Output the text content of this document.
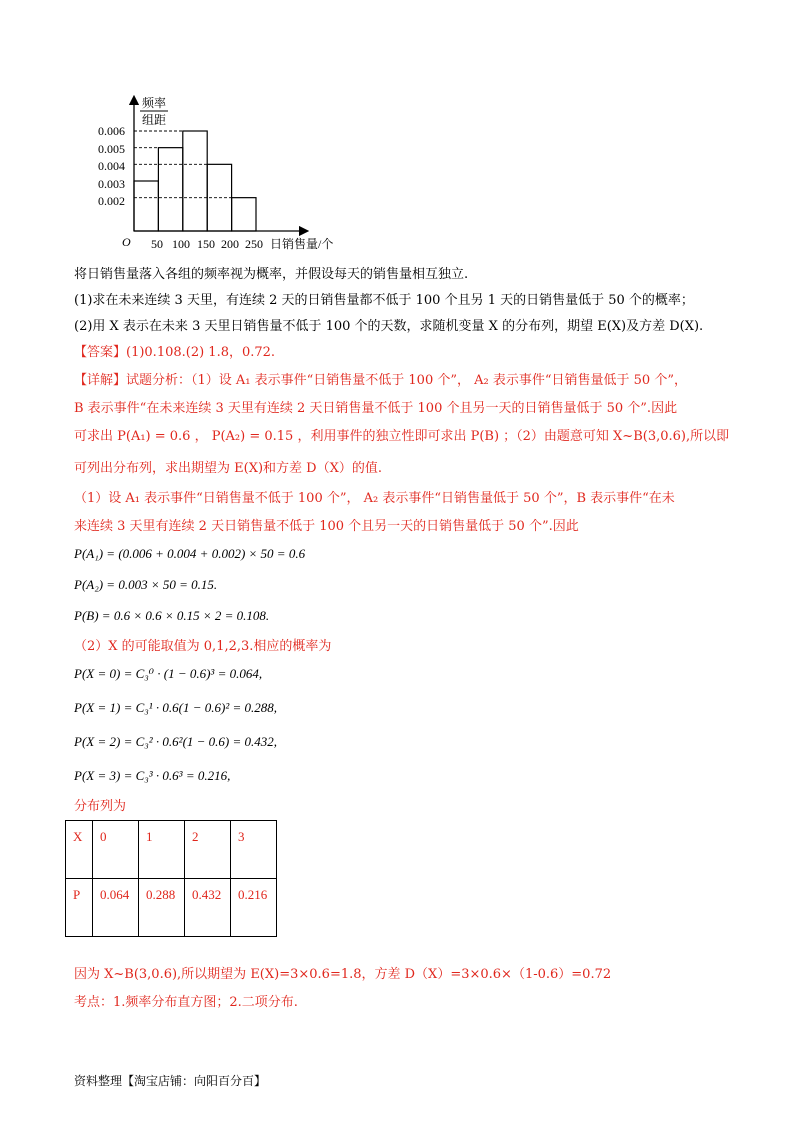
频率
组距
0.006
0.005
0.004
0.003
0.002
O 50 100 150 200 250 日销售量/个
将日销售量落入各组的频率视为概率，并假设每天的销售量相互独立.
(1)求在未来连续 3 天里，有连续 2 天的日销售量都不低于 100 个且另 1 天的日销售量低于 50 个的概率；
(2)用 X 表示在未来 3 天里日销售量不低于 100 个的天数，求随机变量 X 的分布列，期望 E(X)及方差 D(X).
【答案】(1)0.108.(2) 1.8，0.72.
【详解】试题分析：（1）设 A₁ 表示事件“日销售量不低于 100 个”， A₂ 表示事件“日销售量低于 50 个”，
B 表示事件“在未来连续 3 天里有连续 2 天日销售量不低于 100 个且另一天的日销售量低于 50 个”.因此
可求出 P(A₁) = 0.6 ， P(A₂) = 0.15 ，利用事件的独立性即可求出 P(B) ；（2）由题意可知 X~B(3,0.6),所以即
可列出分布列，求出期望为 E(X)和方差 D（X）的值.
（1）设 A₁ 表示事件“日销售量不低于 100 个”， A₂ 表示事件“日销售量低于 50 个”，B 表示事件“在未
来连续 3 天里有连续 2 天日销售量不低于 100 个且另一天的日销售量低于 50 个”.因此
P(A₁) = (0.006 + 0.004 + 0.002) × 50 = 0.6
P(A₂) = 0.003 × 50 = 0.15.
P(B) = 0.6 × 0.6 × 0.15 × 2 = 0.108.
（2）X 的可能取值为 0,1,2,3.相应的概率为
P(X = 0) = C₃⁰ · (1 − 0.6)³ = 0.064,
P(X = 1) = C₃¹ · 0.6(1 − 0.6)² = 0.288,
P(X = 2) = C₃² · 0.6²(1 − 0.6) = 0.432,
P(X = 3) = C₃³ · 0.6³ = 0.216,
分布列为
X	0	1	2	3
P	0.064	0.288	0.432	0.216
因为 X~B(3,0.6),所以期望为 E(X)=3×0.6=1.8，方差 D（X）=3×0.6×（1-0.6）=0.72
考点：1.频率分布直方图；2.二项分布.
资料整理【淘宝店铺：向阳百分百】
